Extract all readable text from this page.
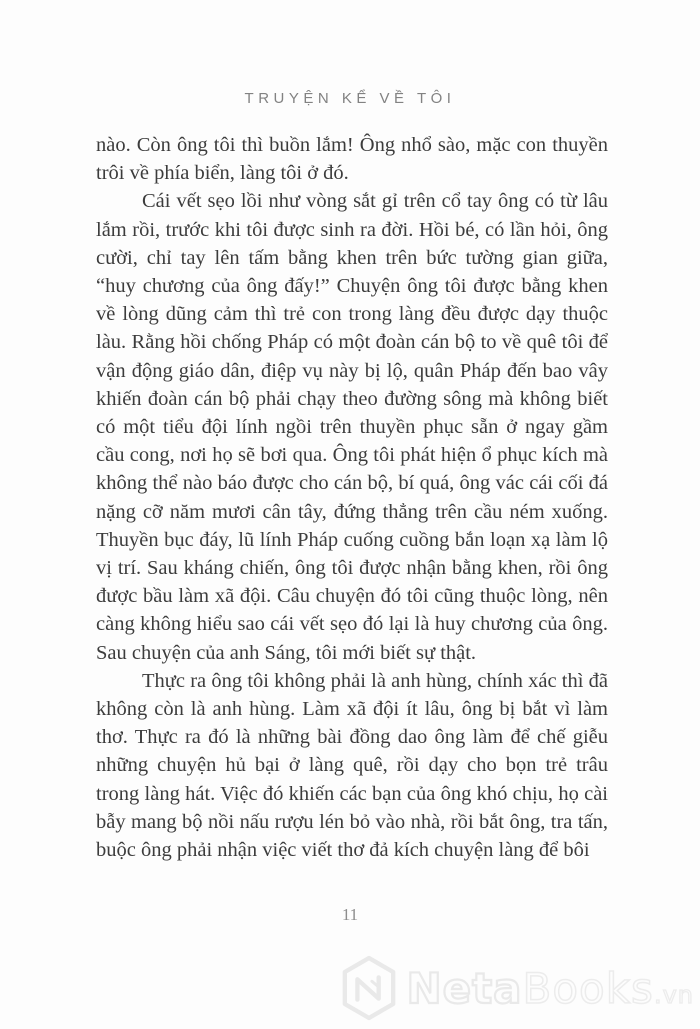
TRUYỆN KỂ VỀ TÔI

nào. Còn ông tôi thì buồn lắm! Ông nhổ sào, mặc con thuyền trôi về phía biển, làng tôi ở đó.

Cái vết sẹo lồi như vòng sắt gỉ trên cổ tay ông có từ lâu lắm rồi, trước khi tôi được sinh ra đời. Hồi bé, có lần hỏi, ông cười, chỉ tay lên tấm bằng khen trên bức tường gian giữa, “huy chương của ông đấy!” Chuyện ông tôi được bằng khen về lòng dũng cảm thì trẻ con trong làng đều được dạy thuộc làu. Rằng hồi chống Pháp có một đoàn cán bộ to về quê tôi để vận động giáo dân, điệp vụ này bị lộ, quân Pháp đến bao vây khiến đoàn cán bộ phải chạy theo đường sông mà không biết có một tiểu đội lính ngồi trên thuyền phục sẵn ở ngay gầm cầu cong, nơi họ sẽ bơi qua. Ông tôi phát hiện ổ phục kích mà không thể nào báo được cho cán bộ, bí quá, ông vác cái cối đá nặng cỡ năm mươi cân tây, đứng thẳng trên cầu ném xuống. Thuyền bục đáy, lũ lính Pháp cuống cuồng bắn loạn xạ làm lộ vị trí. Sau kháng chiến, ông tôi được nhận bằng khen, rồi ông được bầu làm xã đội. Câu chuyện đó tôi cũng thuộc lòng, nên càng không hiểu sao cái vết sẹo đó lại là huy chương của ông. Sau chuyện của anh Sáng, tôi mới biết sự thật.

Thực ra ông tôi không phải là anh hùng, chính xác thì đã không còn là anh hùng. Làm xã đội ít lâu, ông bị bắt vì làm thơ. Thực ra đó là những bài đồng dao ông làm để chế giễu những chuyện hủ bại ở làng quê, rồi dạy cho bọn trẻ trâu trong làng hát. Việc đó khiến các bạn của ông khó chịu, họ cài bẫy mang bộ nồi nấu rượu lén bỏ vào nhà, rồi bắt ông, tra tấn, buộc ông phải nhận việc viết thơ đả kích chuyện làng để bôi

11
NetaBooks.vn
